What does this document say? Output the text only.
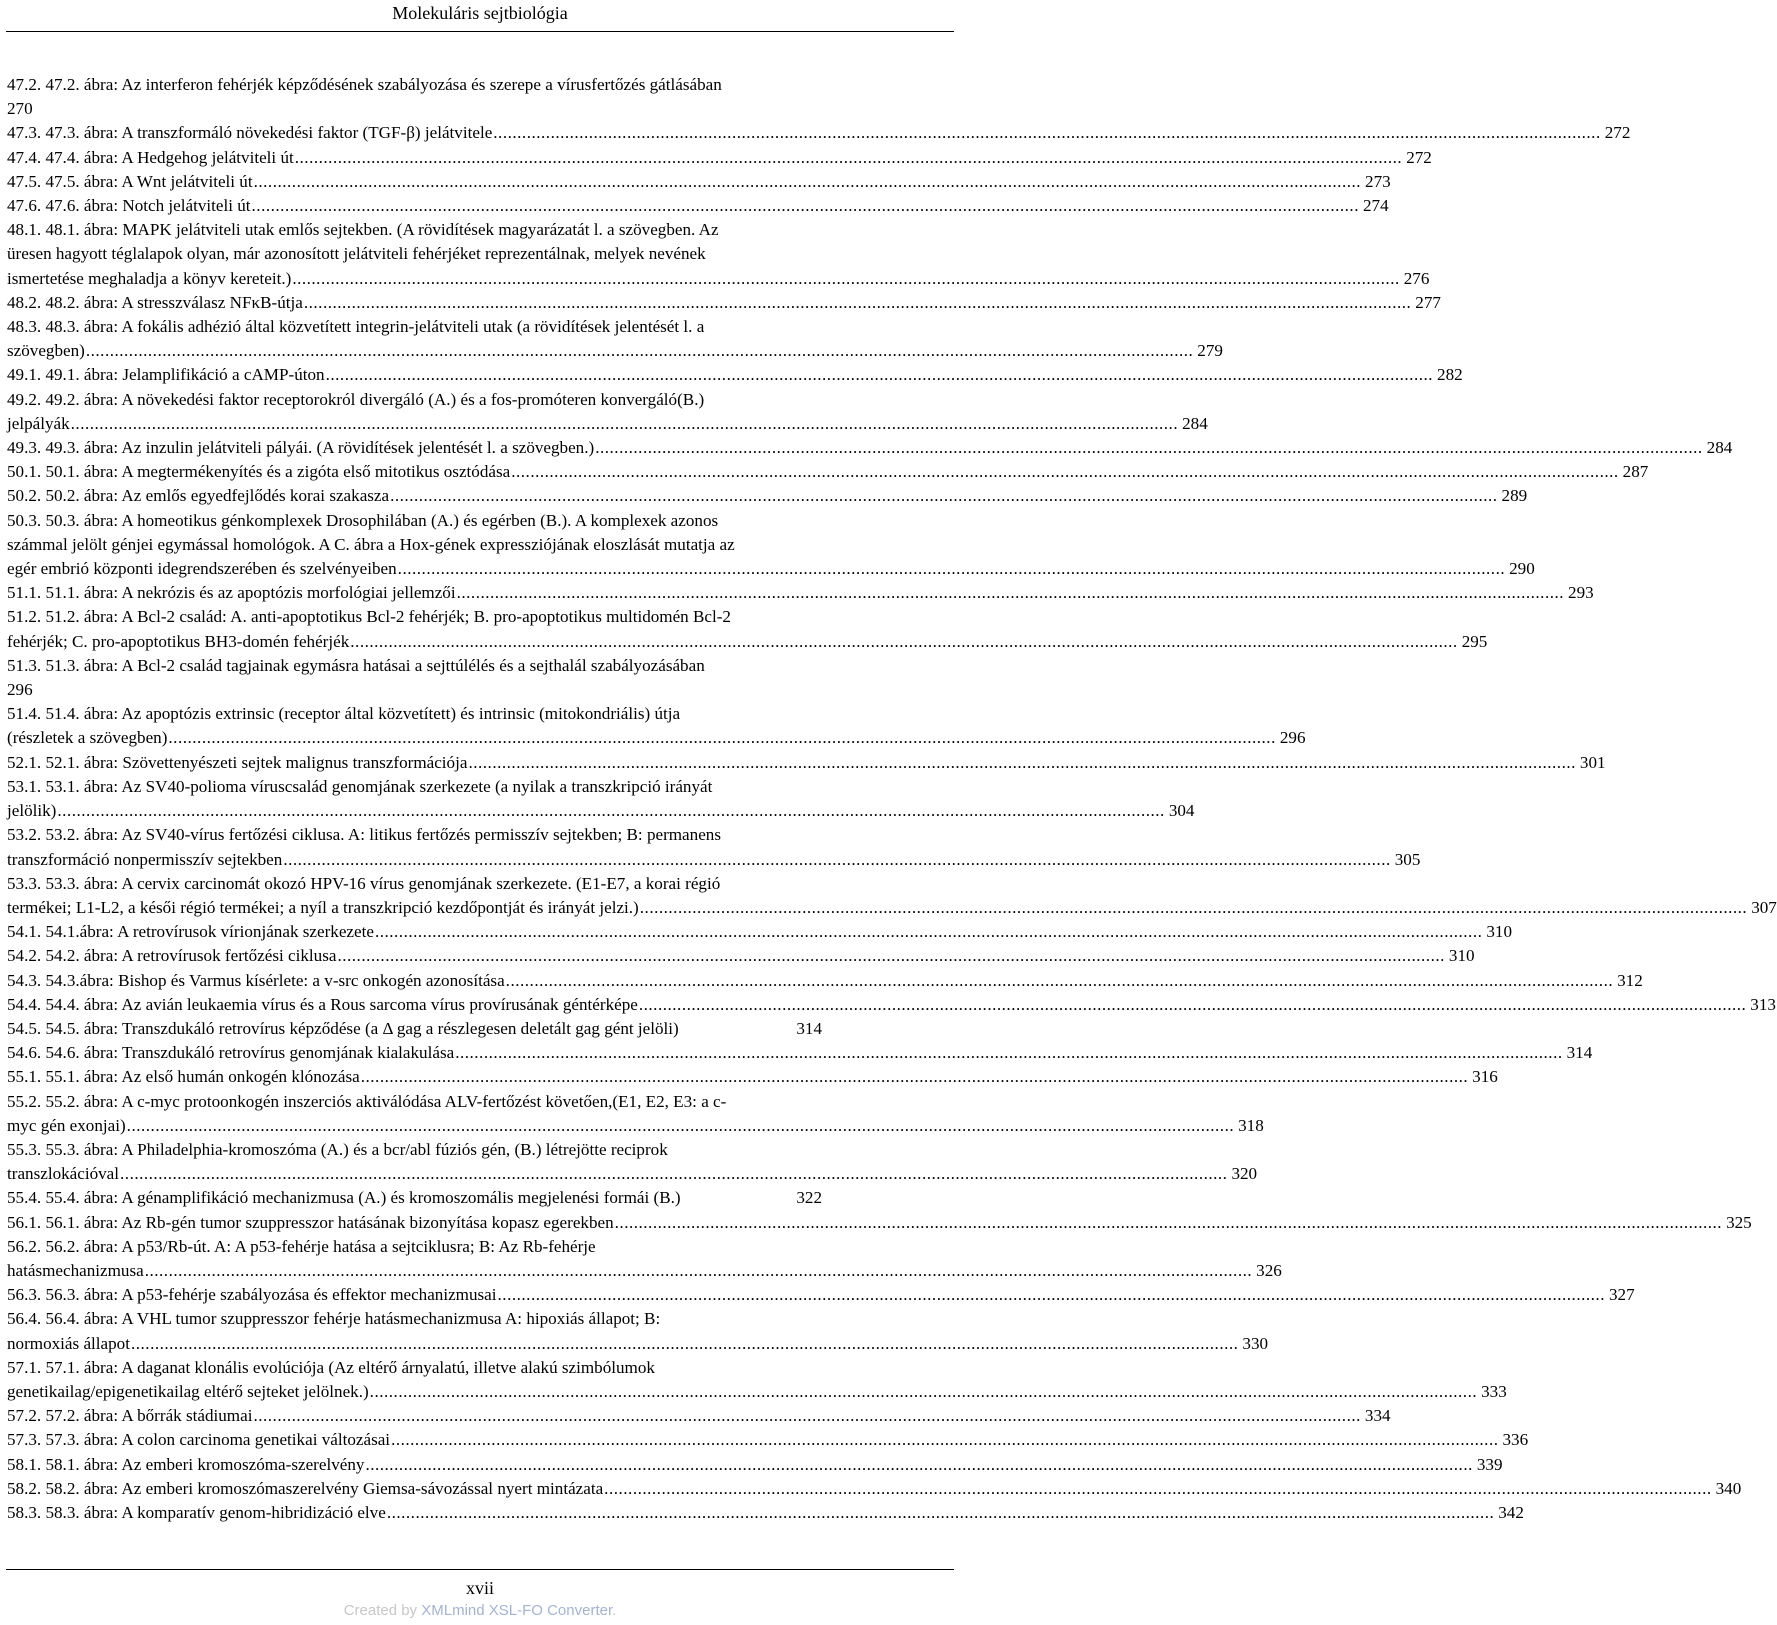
Molekuláris sejtbiológia
47.2. 47.2. ábra: Az interferon fehérjék képződésének szabályozása és szerepe a vírusfertőzés gátlásában
270
47.3. 47.3. ábra: A transzformáló növekedési faktor (TGF-β) jelátvitele .....	272
47.4. 47.4. ábra: A Hedgehog jelátviteli út .....	272
47.5. 47.5. ábra: A Wnt jelátviteli út .....	273
47.6. 47.6. ábra: Notch jelátviteli út .....	274
48.1. 48.1. ábra: MAPK jelátviteli utak emlős sejtekben. (A rövidítések magyarázatát l. a szövegben. Az
üresen hagyott téglalapok olyan, már azonosított jelátviteli fehérjéket reprezentálnak, melyek nevének
ismertetése meghaladja a könyv kereteit.) .....	276
48.2. 48.2. ábra: A stresszválasz NFκB-útja .....	277
48.3. 48.3. ábra: A fokális adhézió által közvetített integrin-jelátviteli utak (a rövidítések jelentését l. a
szövegben) .....	279
49.1. 49.1. ábra: Jelamplifikáció a cAMP-úton .....	282
49.2. 49.2. ábra: A növekedési faktor receptorokról divergáló (A.) és a fos-promóteren konvergáló(B.)
jelpályák .....	284
49.3. 49.3. ábra: Az inzulin jelátviteli pályái. (A rövidítések jelentését l. a szövegben.) .....	284
50.1. 50.1. ábra: A megtermékenyítés és a zigóta első mitotikus osztódása .....	287
50.2. 50.2. ábra: Az emlős egyedfejlődés korai szakasza .....	289
50.3. 50.3. ábra: A homeotikus génkomplexek Drosophilában (A.) és egérben (B.). A komplexek azonos
számmal jelölt génjei egymással homológok. A C. ábra a Hox-gének expressziójának eloszlását mutatja az
egér embrió központi idegrendszerében és szelvényeiben .....	290
51.1. 51.1. ábra: A nekrózis és az apoptózis morfológiai jellemzői .....	293
51.2. 51.2. ábra: A Bcl-2 család: A. anti-apoptotikus Bcl-2 fehérjék; B. pro-apoptotikus multidomén Bcl-2
fehérjék; C. pro-apoptotikus BH3-domén fehérjék .....	295
51.3. 51.3. ábra: A Bcl-2 család tagjainak egymásra hatásai a sejttúlélés és a sejthalál szabályozásában
296
51.4. 51.4. ábra: Az apoptózis extrinsic (receptor által közvetített) és intrinsic (mitokondriális) útja
(részletek a szövegben) .....	296
52.1. 52.1. ábra: Szövettenyészeti sejtek malignus transzformációja .....	301
53.1. 53.1. ábra: Az SV40-polioma víruscsalád genomjának szerkezete (a nyilak a transzkripció irányát
jelölik) .....	304
53.2. 53.2. ábra: Az SV40-vírus fertőzési ciklusa. A: litikus fertőzés permisszív sejtekben; B: permanens
transzformáció nonpermisszív sejtekben .....	305
53.3. 53.3. ábra: A cervix carcinomát okozó HPV-16 vírus genomjának szerkezete. (E1-E7, a korai régió
termékei; L1-L2, a késői régió termékei; a nyíl a transzkripció kezdőpontját és irányát jelzi.) .....	307
54.1. 54.1.ábra: A retrovírusok vírionjának szerkezete .....	310
54.2. 54.2. ábra: A retrovírusok fertőzési ciklusa .....	310
54.3. 54.3.ábra: Bishop és Varmus kísérlete: a v-src onkogén azonosítása .....	312
54.4. 54.4. ábra: Az avián leukaemia vírus és a Rous sarcoma vírus provírusának géntérképe .....	313
54.5. 54.5. ábra: Transzdukáló retrovírus képződése (a Δ gag a részlegesen deletált gag gént jelöli)	314
54.6. 54.6. ábra: Transzdukáló retrovírus genomjának kialakulása .....	314
55.1. 55.1. ábra: Az első humán onkogén klónozása .....	316
55.2. 55.2. ábra: A c-myc protoonkogén inszerciós aktiválódása ALV-fertőzést követően,(E1, E2, E3: a c-
myc gén exonjai) .....	318
55.3. 55.3. ábra: A Philadelphia-kromoszóma (A.) és a bcr/abl fúziós gén, (B.) létrejötte reciprok
transzlokációval .....	320
55.4. 55.4. ábra: A génamplifikáció mechanizmusa (A.) és kromoszomális megjelenési formái (B.)	322
56.1. 56.1. ábra: Az Rb-gén tumor szuppresszor hatásának bizonyítása kopasz egerekben .....	325
56.2. 56.2. ábra: A p53/Rb-út. A: A p53-fehérje hatása a sejtciklusra; B: Az Rb-fehérje
hatásmechanizmusa .....	326
56.3. 56.3. ábra: A p53-fehérje szabályozása és effektor mechanizmusai .....	327
56.4. 56.4. ábra: A VHL tumor szuppresszor fehérje hatásmechanizmusa A: hipoxiás állapot; B:
normoxiás állapot .....	330
57.1. 57.1. ábra: A daganat klonális evolúciója (Az eltérő árnyalatú, illetve alakú szimbólumok
genetikailag/epigenetikailag eltérő sejteket jelölnek.) .....	333
57.2. 57.2. ábra: A bőrrák stádiumai .....	334
57.3. 57.3. ábra: A colon carcinoma genetikai változásai .....	336
58.1. 58.1. ábra: Az emberi kromoszóma-szerelvény .....	339
58.2. 58.2. ábra: Az emberi kromoszómaszerelvény Giemsa-sávozással nyert mintázata .....	340
58.3. 58.3. ábra: A komparatív genom-hibridizáció elve .....	342
xvii
Created by XMLmind XSL-FO Converter.
